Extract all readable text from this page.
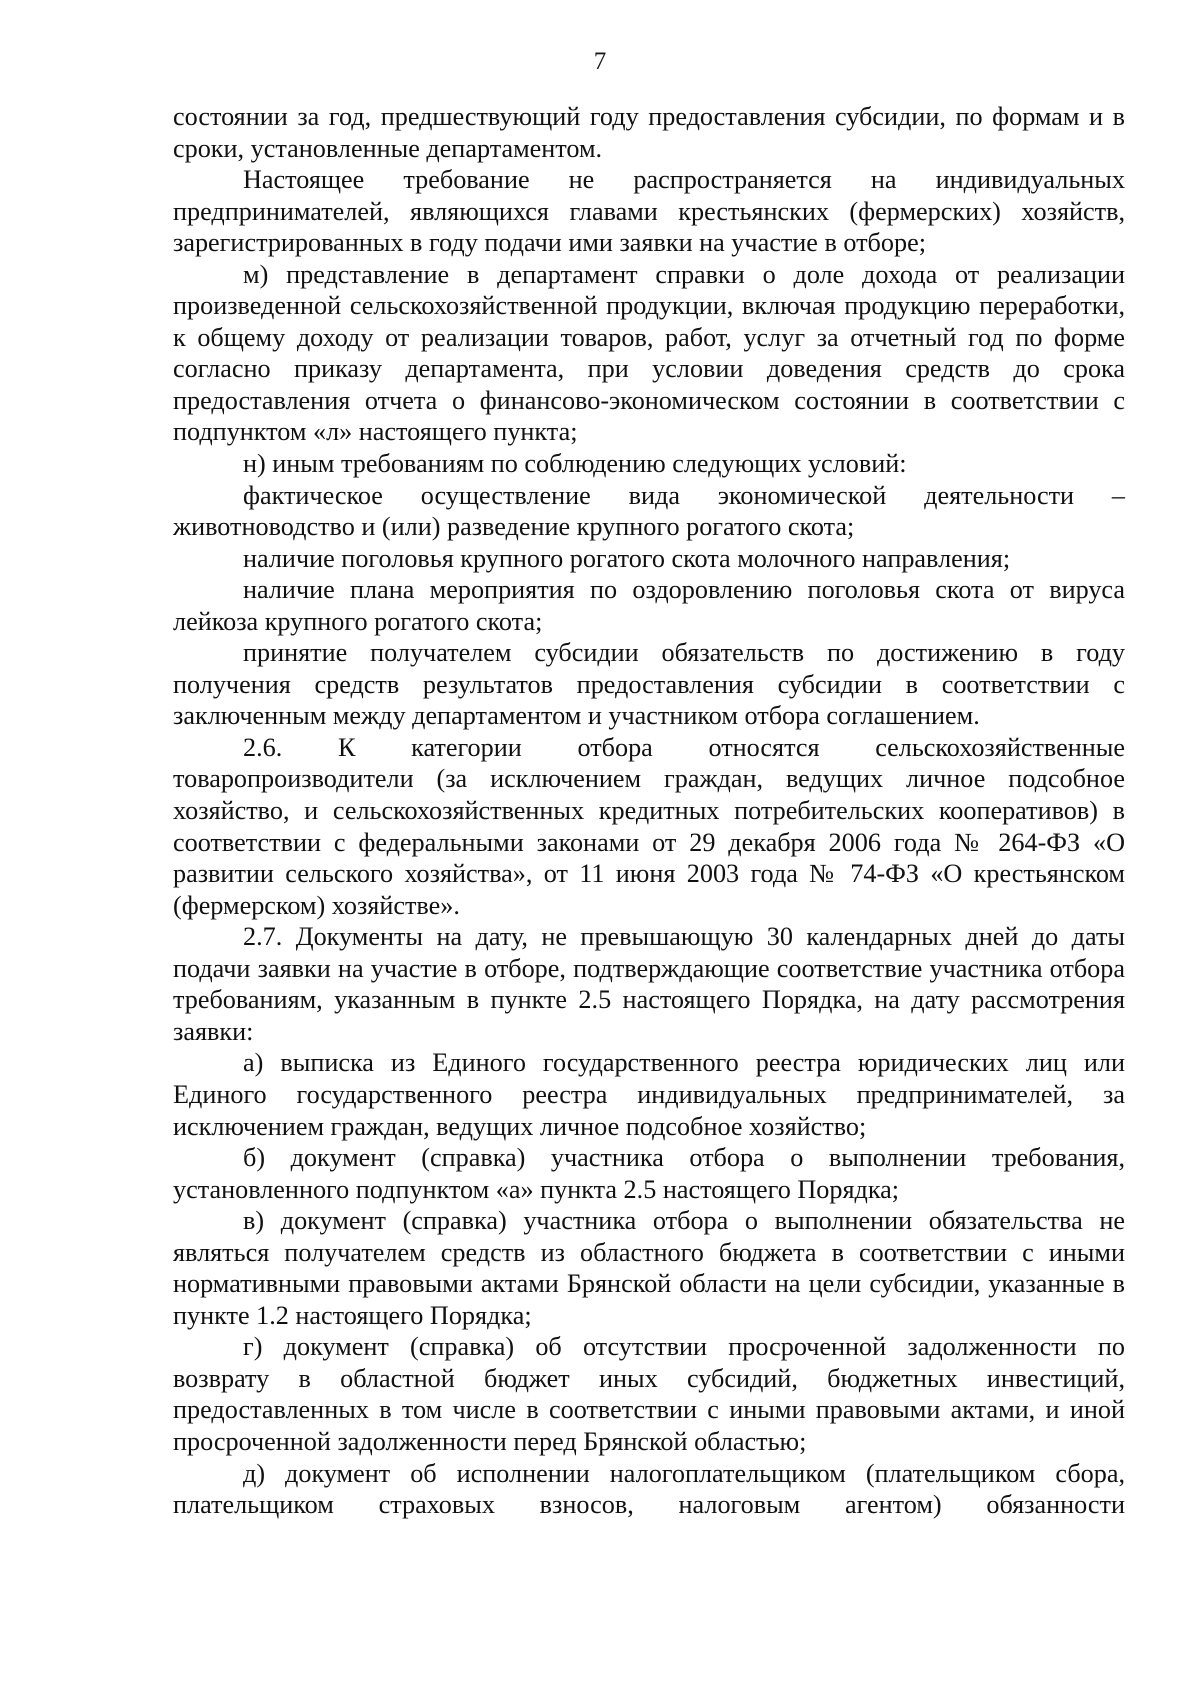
7

состоянии за год, предшествующий году предоставления субсидии, по формам и в сроки, установленные департаментом.

Настоящее требование не распространяется на индивидуальных предпринимателей, являющихся главами крестьянских (фермерских) хозяйств, зарегистрированных в году подачи ими заявки на участие в отборе;

м) представление в департамент справки о доле дохода от реализации произведенной сельскохозяйственной продукции, включая продукцию переработки, к общему доходу от реализации товаров, работ, услуг за отчетный год по форме согласно приказу департамента, при условии доведения средств до срока предоставления отчета о финансово-экономическом состоянии в соответствии с подпунктом «л» настоящего пункта;

н) иным требованиям по соблюдению следующих условий:

фактическое осуществление вида экономической деятельности – животноводство и (или) разведение крупного рогатого скота;

наличие поголовья крупного рогатого скота молочного направления;

наличие плана мероприятия по оздоровлению поголовья скота от вируса лейкоза крупного рогатого скота;

принятие получателем субсидии обязательств по достижению в году получения средств результатов предоставления субсидии в соответствии с заключенным между департаментом и участником отбора соглашением.

2.6. К категории отбора относятся сельскохозяйственные товаропроизводители (за исключением граждан, ведущих личное подсобное хозяйство, и сельскохозяйственных кредитных потребительских кооперативов) в соответствии с федеральными законами от 29 декабря 2006 года № 264-ФЗ «О развитии сельского хозяйства», от 11 июня 2003 года № 74-ФЗ «О крестьянском (фермерском) хозяйстве».

2.7. Документы на дату, не превышающую 30 календарных дней до даты подачи заявки на участие в отборе, подтверждающие соответствие участника отбора требованиям, указанным в пункте 2.5 настоящего Порядка, на дату рассмотрения заявки:

а) выписка из Единого государственного реестра юридических лиц или Единого государственного реестра индивидуальных предпринимателей, за исключением граждан, ведущих личное подсобное хозяйство;

б) документ (справка) участника отбора о выполнении требования, установленного подпунктом «а» пункта 2.5 настоящего Порядка;

в) документ (справка) участника отбора о выполнении обязательства не являться получателем средств из областного бюджета в соответствии с иными нормативными правовыми актами Брянской области на цели субсидии, указанные в пункте 1.2 настоящего Порядка;

г) документ (справка) об отсутствии просроченной задолженности по возврату в областной бюджет иных субсидий, бюджетных инвестиций, предоставленных в том числе в соответствии с иными правовыми актами, и иной просроченной задолженности перед Брянской областью;

д) документ об исполнении налогоплательщиком (плательщиком сбора, плательщиком страховых взносов, налоговым агентом) обязанности
